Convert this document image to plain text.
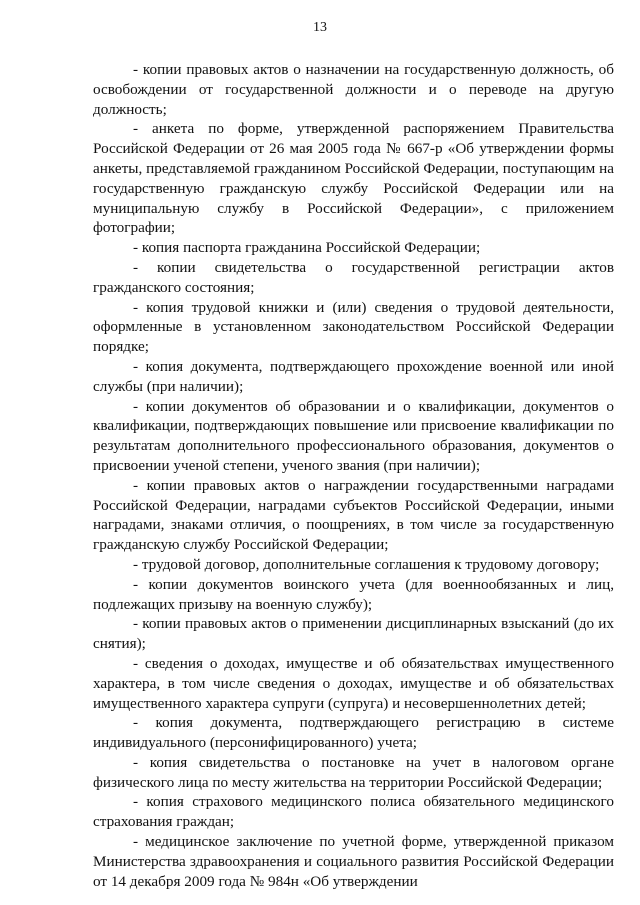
13

- копии правовых актов о назначении на государственную должность, об освобождении от государственной должности и о переводе на другую должность;

- анкета по форме, утвержденной распоряжением Правительства Российской Федерации от 26 мая 2005 года № 667-р «Об утверждении формы анкеты, представляемой гражданином Российской Федерации, поступающим на государственную гражданскую службу Российской Федерации или на муниципальную службу в Российской Федерации», с приложением фотографии;

- копия паспорта гражданина Российской Федерации;

- копии свидетельства о государственной регистрации актов гражданского состояния;

- копия трудовой книжки и (или) сведения о трудовой деятельности, оформленные в установленном законодательством Российской Федерации порядке;

- копия документа, подтверждающего прохождение военной или иной службы (при наличии);

- копии документов об образовании и о квалификации, документов о квалификации, подтверждающих повышение или присвоение квалификации по результатам дополнительного профессионального образования, документов о присвоении ученой степени, ученого звания (при наличии);

- копии правовых актов о награждении государственными наградами Российской Федерации, наградами субъектов Российской Федерации, иными наградами, знаками отличия, о поощрениях, в том числе за государственную гражданскую службу Российской Федерации;

- трудовой договор, дополнительные соглашения к трудовому договору;

- копии документов воинского учета (для военнообязанных и лиц, подлежащих призыву на военную службу);

- копии правовых актов о применении дисциплинарных взысканий (до их снятия);

- сведения о доходах, имуществе и об обязательствах имущественного характера, в том числе сведения о доходах, имуществе и об обязательствах имущественного характера супруги (супруга) и несовершеннолетних детей;

- копия документа, подтверждающего регистрацию в системе индивидуального (персонифицированного) учета;

- копия свидетельства о постановке на учет в налоговом органе физического лица по месту жительства на территории Российской Федерации;

- копия страхового медицинского полиса обязательного медицинского страхования граждан;

- медицинское заключение по учетной форме, утвержденной приказом Министерства здравоохранения и социального развития Российской Федерации от 14 декабря 2009 года № 984н «Об утверждении
